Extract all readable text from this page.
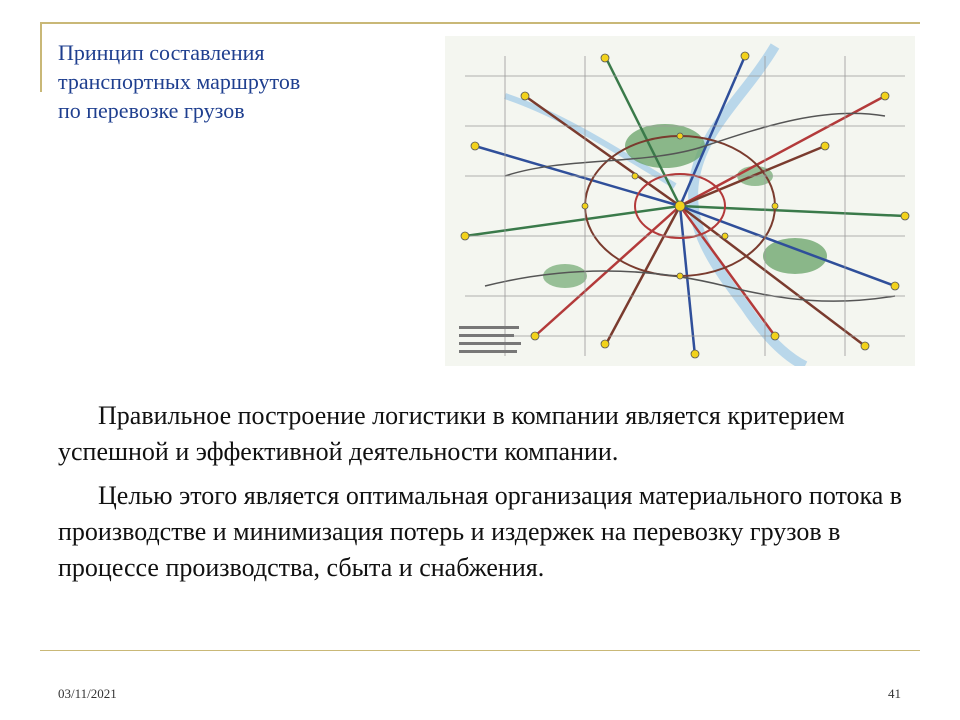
Принцип составления
транспортных маршрутов
по перевозке грузов

Правильное построение логистики в компании является критерием успешной и эффективной деятельности компании.

Целью этого является оптимальная организация материального потока в производстве и минимизация потерь и издержек на перевозку грузов в процессе производства, сбыта и снабжения.

03/11/2021	41
